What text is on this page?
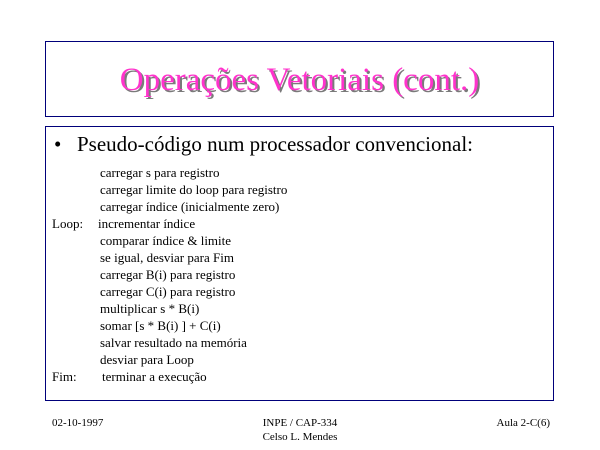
Operações Vetoriais (cont.)
• Pseudo-código num processador convencional:
carregar s para registro
carregar limite do loop para registro
carregar índice (inicialmente zero)
Loop: incrementar índice
comparar índice & limite
se igual, desviar para Fim
carregar B(i) para registro
carregar C(i) para registro
multiplicar s * B(i)
somar [s * B(i) ] + C(i)
salvar resultado na memória
desviar para Loop
Fim: terminar a execução
02-10-1997	INPE / CAP-334
Celso L. Mendes
Aula 2-C(6)
